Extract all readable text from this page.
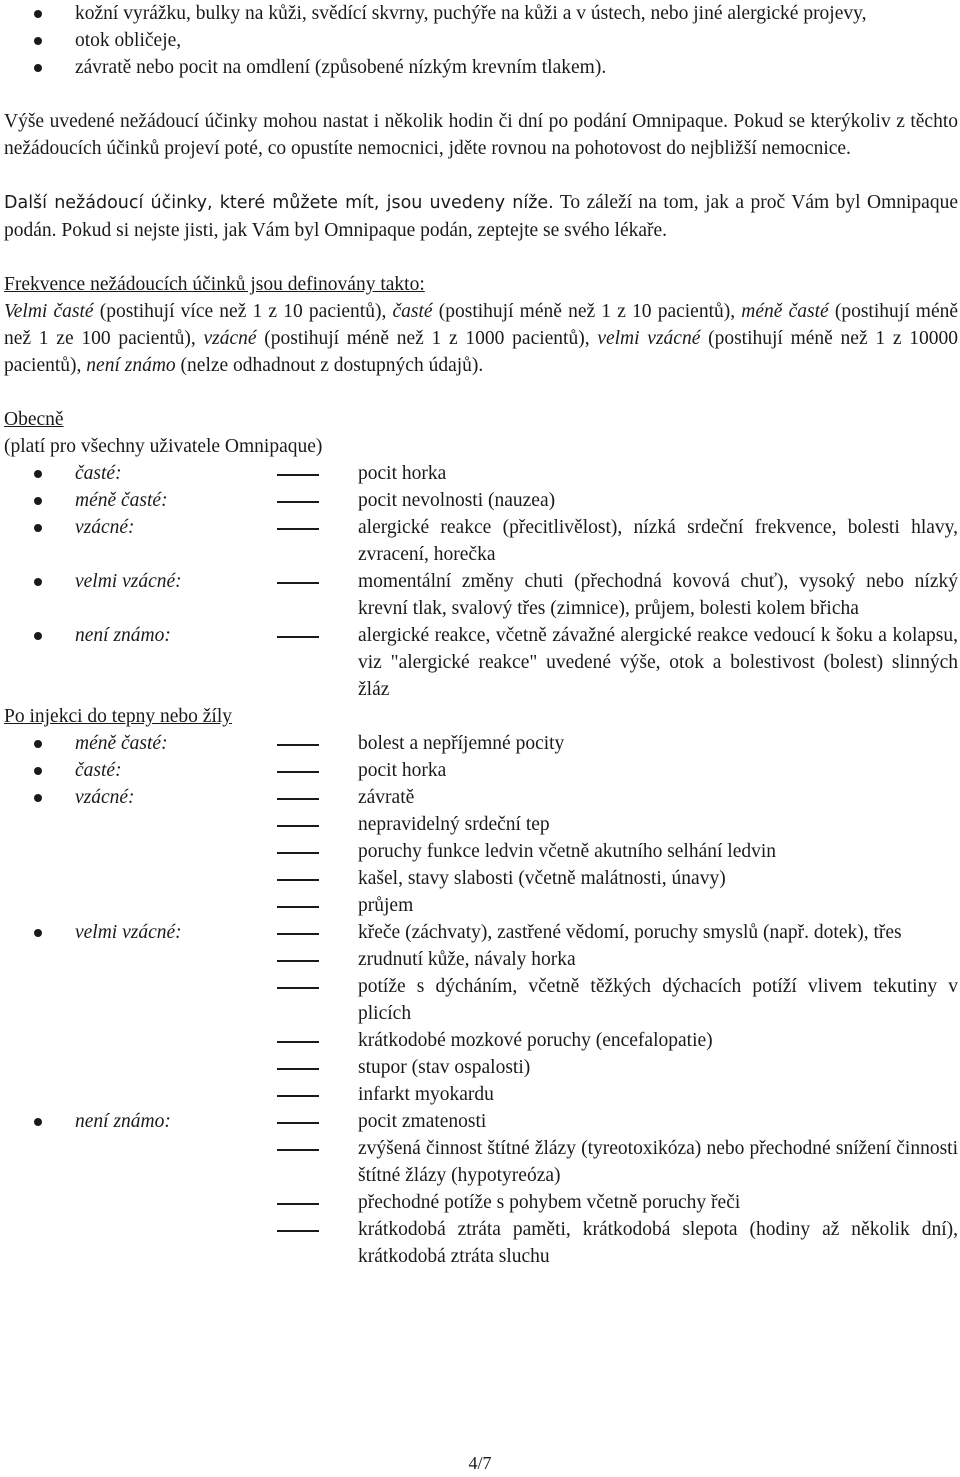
kožní vyrážku, bulky na kůži, svědící skvrny, puchýře na kůži a v ústech, nebo jiné alergické projevy,
otok obličeje,
závratě nebo pocit na omdlení (způsobené nízkým krevním tlakem).

Výše uvedené nežádoucí účinky mohou nastat i několik hodin či dní po podání Omnipaque. Pokud se kterýkoliv z těchto nežádoucích účinků projeví poté, co opustíte nemocnici, jděte rovnou na pohotovost do nejbližší nemocnice.

Další nežádoucí účinky, které můžete mít, jsou uvedeny níže. To záleží na tom, jak a proč Vám byl Omnipaque podán. Pokud si nejste jisti, jak Vám byl Omnipaque podán, zeptejte se svého lékaře.

Frekvence nežádoucích účinků jsou definovány takto:

Velmi časté (postihují více než 1 z 10 pacientů), časté (postihují méně než 1 z 10 pacientů), méně časté (postihují méně než 1 ze 100 pacientů), vzácné (postihují méně než 1 z 1000 pacientů), velmi vzácné (postihují méně než 1 z 10000 pacientů), není známo (nelze odhadnout z dostupných údajů).

Obecně
(platí pro všechny uživatele Omnipaque)
časté:	pocit horka
méně časté:	pocit nevolnosti (nauzea)
vzácné:	alergické reakce (přecitlivělost), nízká srdeční frekvence, bolesti hlavy, zvracení, horečka
velmi vzácné:	momentální změny chuti (přechodná kovová chuť), vysoký nebo nízký krevní tlak, svalový třes (zimnice), průjem, bolesti kolem břicha
není známo:	alergické reakce, včetně závažné alergické reakce vedoucí k šoku a kolapsu, viz "alergické reakce" uvedené výše, otok a bolestivost (bolest) slinných žláz
Po injekci do tepny nebo žíly
méně časté:	bolest a nepříjemné pocity
časté:	pocit horka
vzácné:	závratě
nepravidelný srdeční tep
poruchy funkce ledvin včetně akutního selhání ledvin
kašel, stavy slabosti (včetně malátnosti, únavy)
průjem
velmi vzácné:	křeče (záchvaty), zastřené vědomí, poruchy smyslů (např. dotek), třes
zrudnutí kůže, návaly horka
potíže s dýcháním, včetně těžkých dýchacích potíží vlivem tekutiny v plicích
krátkodobé mozkové poruchy (encefalopatie)
stupor (stav ospalosti)
infarkt myokardu
není známo:	pocit zmatenosti
zvýšená činnost štítné žlázy (tyreotoxikóza) nebo přechodné snížení činnosti štítné žlázy (hypotyreóza)
přechodné potíže s pohybem včetně poruchy řeči
krátkodobá ztráta paměti, krátkodobá slepota (hodiny až několik dní), krátkodobá ztráta sluchu
4/7
